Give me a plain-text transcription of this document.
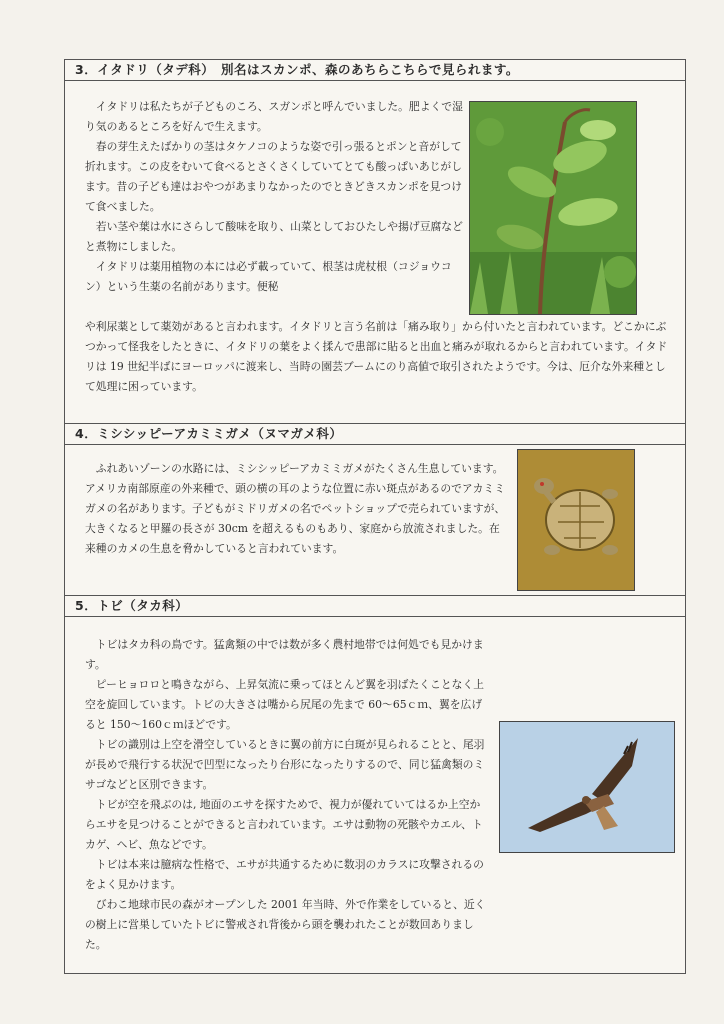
3．イタドリ（タデ科）　別名はスカンポ、森のあちらこちらで見られます。

イタドリは私たちが子どものころ、スガンポと呼んでいました。肥よくで湿り気のあるところを好んで生えます。

春の芽生えたばかりの茎はタケノコのような姿で引っ張るとポンと音がして折れます。この皮をむいて食べるとさくさくしていてとても酸っぱいあじがします。昔の子ども達はおやつがあまりなかったのでときどきスカンポを見つけて食べました。

若い茎や葉は水にさらして酸味を取り、山菜としておひたしや揚げ豆腐などと煮物にしました。

イタドリは薬用植物の本には必ず載っていて、根茎は虎杖根（コジョウコン）という生薬の名前があります。便秘

や利尿薬として薬効があると言われます。イタドリと言う名前は「痛み取り」から付いたと言われています。どこかにぶつかって怪我をしたときに、イタドリの葉をよく揉んで患部に貼ると出血と痛みが取れるからと言われています。イタドリは 19 世紀半ばにヨーロッパに渡来し、当時の園芸ブームにのり高値で取引されたようです。今は、厄介な外来種として処理に困っています。

4．ミシシッピーアカミミガメ（ヌマガメ科）

ふれあいゾーンの水路には、ミシシッピーアカミミガメがたくさん生息しています。アメリカ南部原産の外来種で、頭の横の耳のような位置に赤い斑点があるのでアカミミガメの名があります。子どもがミドリガメの名でペットショップで売られていますが、大きくなると甲羅の長さが 30cm を超えるものもあり、家庭から放流されました。在来種のカメの生息を脅かしていると言われています。

5．トビ（タカ科）

トビはタカ科の鳥です。猛禽類の中では数が多く農村地帯では何処でも見かけます。

ピーヒョロロと鳴きながら、上昇気流に乗ってほとんど翼を羽ばたくことなく上空を旋回しています。トビの大きさは嘴から尻尾の先まで 60～65ｃｍ、翼を広げると 150～160ｃｍほどです。

トビの識別は上空を滑空しているときに翼の前方に白斑が見られることと、尾羽が長めで飛行する状況で凹型になったり台形になったりするので、同じ猛禽類のミサゴなどと区別できます。

トビが空を飛ぶのは, 地面のエサを探すためで、視力が優れていてはるか上空からエサを見つけることができると言われています。エサは動物の死骸やカエル、トカゲ、ヘビ、魚などです。

トビは本来は臆病な性格で、エサが共通するために数羽のカラスに攻撃されるのをよく見かけます。

びわこ地球市民の森がオープンした 2001 年当時、外で作業をしていると、近くの樹上に営巣していたトビに警戒され背後から頭を襲われたことが数回ありました。
